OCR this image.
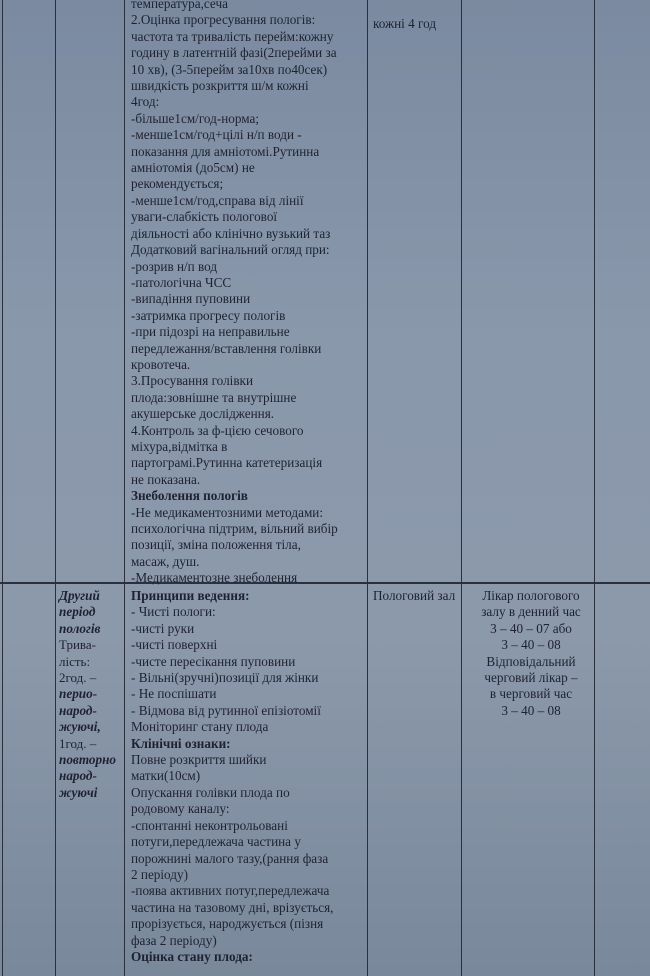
температура,сеча
2.Оцінка прогресування пологів:
частота та тривалість перейм:кожну
годину в латентній фазі(2перейми за
10 хв), (3-5перейм за10хв по40сек)
швидкість розкриття ш/м кожні
4год:
-більше1см/год-норма;
-менше1см/год+цілі н/п води -
показання для амніотомі.Рутинна
амніотомія (до5см) не
рекомендується;
-менше1см/год,справа від лінії
уваги-слабкість пологової
діяльності або клінічно вузький таз
Додатковий вагінальний огляд при:
-розрив н/п вод
-патологічна ЧСС
-випадіння пуповини
-затримка прогресу пологів
-при підозрі на неправильне
передлежання/вставлення голівки
кровотеча.
3.Просування голівки
плода:зовнішне та внутрішне
акушерське дослідження.
4.Контроль за ф-цією сечового
міхура,відмітка в
партограмі.Рутинна катетеризація
не показана.
Знеболення пологів
-Не медикаментозними методами:
психологічна підтрим, вільний вибір
позиції, зміна положення тіла,
масаж, душ.
-Медикаментозне знеболення
кожні 4 год
Другий
період
пологів
Трива-
лість:
2год. –
перио-
народ-
жуючі,
1год. –
повторно
народ-
жуючі
Принципи ведення:
- Чисті пологи:
-чисті руки
-чисті поверхні
-чисте пересікання пуповини
- Вільні(зручні)позиції для жінки
- Не поспішати
- Відмова від рутинної епізіотомії
Моніторинг стану плода
Клінічні ознаки:
Повне розкриття шийки
матки(10см)
Опускання голівки плода по
родовому каналу:
-спонтанні неконтрольовані
потуги,передлежача частина у
порожнині малого тазу,(рання фаза
2 періоду)
-поява активних потуг,передлежача
частина на тазовому дні, врізується,
прорізується, народжується (пізня
фаза 2 періоду)
Оцінка стану плода:
Пологовий зал	Лікар пологового
залу в денний час
3 – 40 – 07 або
3 – 40 – 08
Відповідальний
черговий лікар –
в черговий час
3 – 40 – 08
